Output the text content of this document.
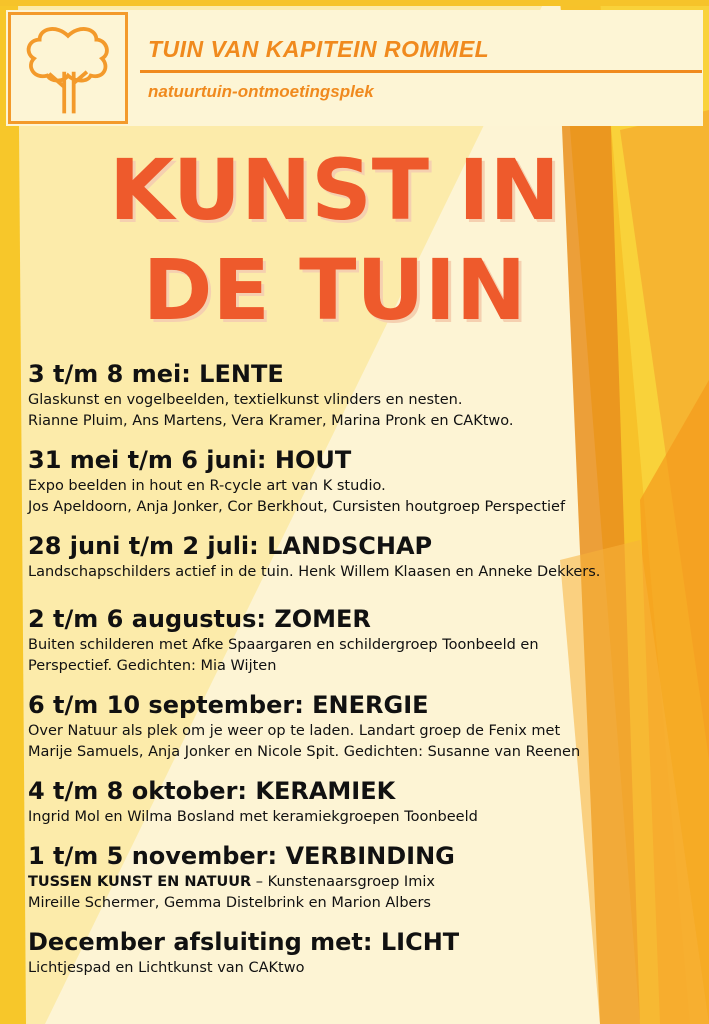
TUIN VAN KAPITEIN ROMMEL
natuurtuin-ontmoetingsplek
KUNST IN
DE TUIN
3 t/m 8 mei: LENTE
Glaskunst en vogelbeelden, textielkunst vlinders en nesten.
Rianne Pluim, Ans Martens, Vera Kramer, Marina Pronk en CAKtwo.
31 mei t/m 6 juni: HOUT
Expo beelden in hout en R-cycle art van K studio.
Jos Apeldoorn, Anja Jonker, Cor Berkhout, Cursisten houtgroep Perspectief
28 juni t/m 2 juli: LANDSCHAP
Landschapschilders actief in de tuin. Henk Willem Klaasen en Anneke Dekkers.
2 t/m 6 augustus: ZOMER
Buiten schilderen met Afke Spaargaren en schildergroep Toonbeeld en
Perspectief. Gedichten: Mia Wijten
6 t/m 10 september: ENERGIE
Over Natuur als plek om je weer op te laden. Landart groep de Fenix met
Marije Samuels, Anja Jonker en Nicole Spit. Gedichten: Susanne van Reenen
4 t/m 8 oktober: KERAMIEK
Ingrid Mol en Wilma Bosland met keramiekgroepen Toonbeeld
1 t/m 5 november: VERBINDING
TUSSEN KUNST EN NATUUR – Kunstenaarsgroep Imix
Mireille Schermer, Gemma Distelbrink en Marion Albers
December afsluiting met: LICHT
Lichtjespad en Lichtkunst van CAKtwo
